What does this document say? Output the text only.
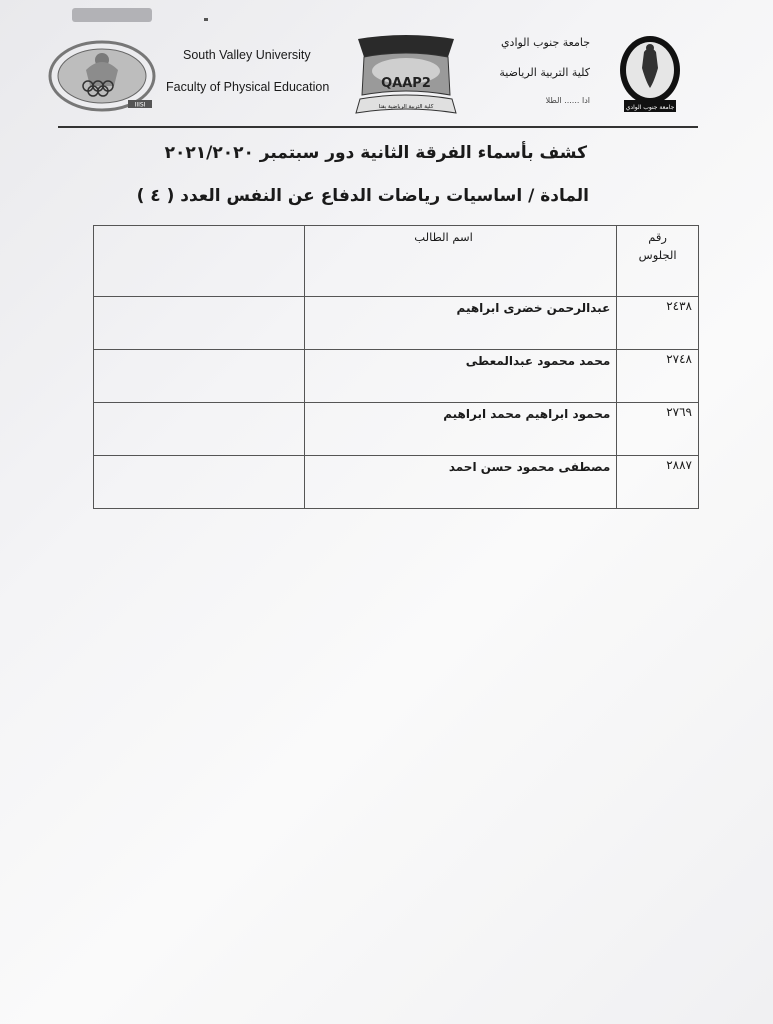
IIISI
South Valley University
Faculty of Physical Education	QAAP2
كلية التربية الرياضية بقنا
جامعة جنوب الوادي
كلية التربية الرياضية
ادا ...... الطلا
جامعة جنوب الوادي
كشف بأسماء الفرقة الثانية دور سبتمبر ٢٠٢١/٢٠٢٠
المادة / اساسيات رياضات الدفاع عن النفس العدد ( ٤ )
رقم
الجلوس	اسم الطالب	
٢٤٣٨	عبدالرحمن خضرى ابراهيم	
٢٧٤٨	محمد محمود عبدالمعطى	
٢٧٦٩	محمود ابراهيم محمد ابراهيم	
٢٨٨٧	مصطفى محمود حسن احمد	
